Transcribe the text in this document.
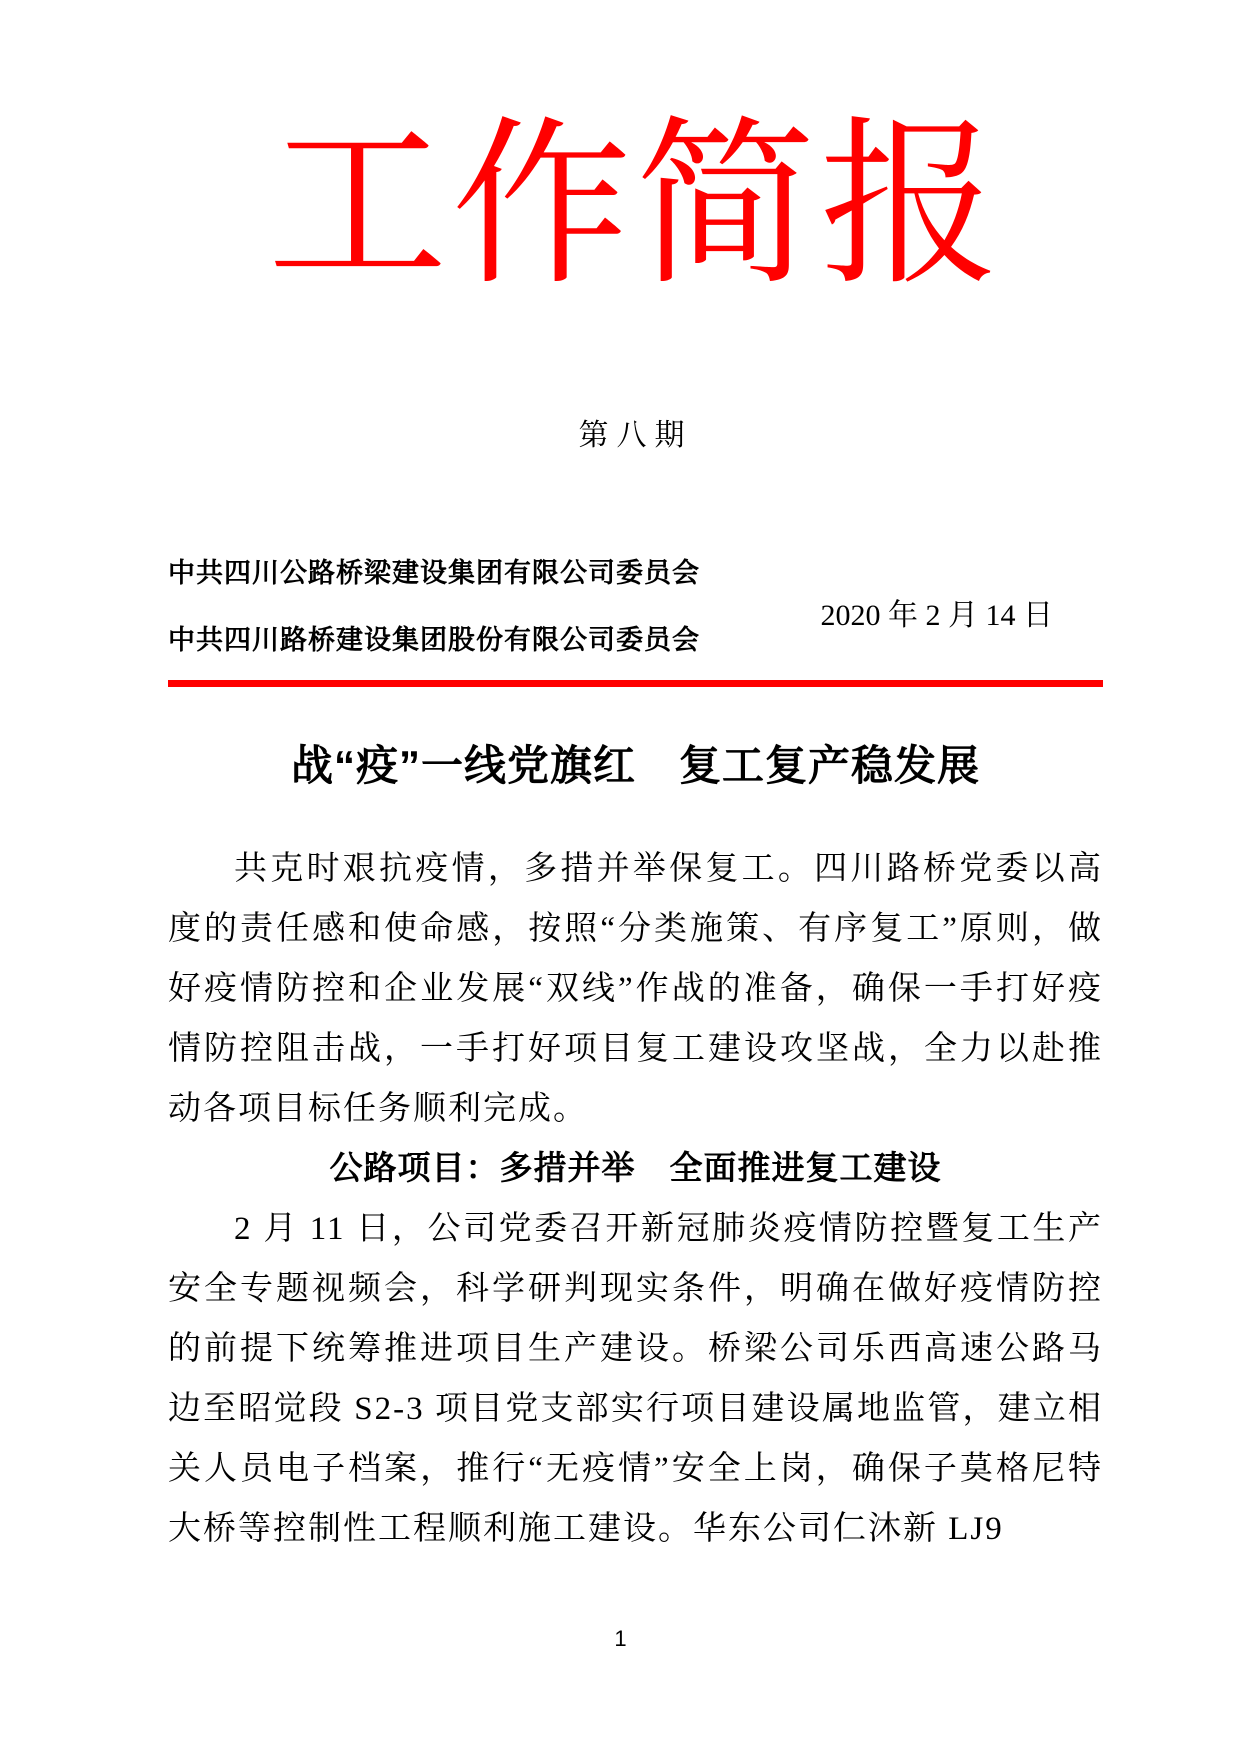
工作简报
第八期
中共四川公路桥梁建设集团有限公司委员会
中共四川路桥建设集团股份有限公司委员会
2020 年 2 月 14 日
战“疫”一线党旗红　复工复产稳发展

共克时艰抗疫情，多措并举保复工。四川路桥党委以高度的责任感和使命感，按照“分类施策、有序复工”原则，做好疫情防控和企业发展“双线”作战的准备，确保一手打好疫情防控阻击战，一手打好项目复工建设攻坚战，全力以赴推动各项目标任务顺利完成。

公路项目：多措并举　全面推进复工建设

2 月 11 日，公司党委召开新冠肺炎疫情防控暨复工生产安全专题视频会，科学研判现实条件，明确在做好疫情防控的前提下统筹推进项目生产建设。桥梁公司乐西高速公路马边至昭觉段 S2-3 项目党支部实行项目建设属地监管，建立相关人员电子档案，推行“无疫情”安全上岗，确保子莫格尼特大桥等控制性工程顺利施工建设。华东公司仁沐新 LJ9

1
